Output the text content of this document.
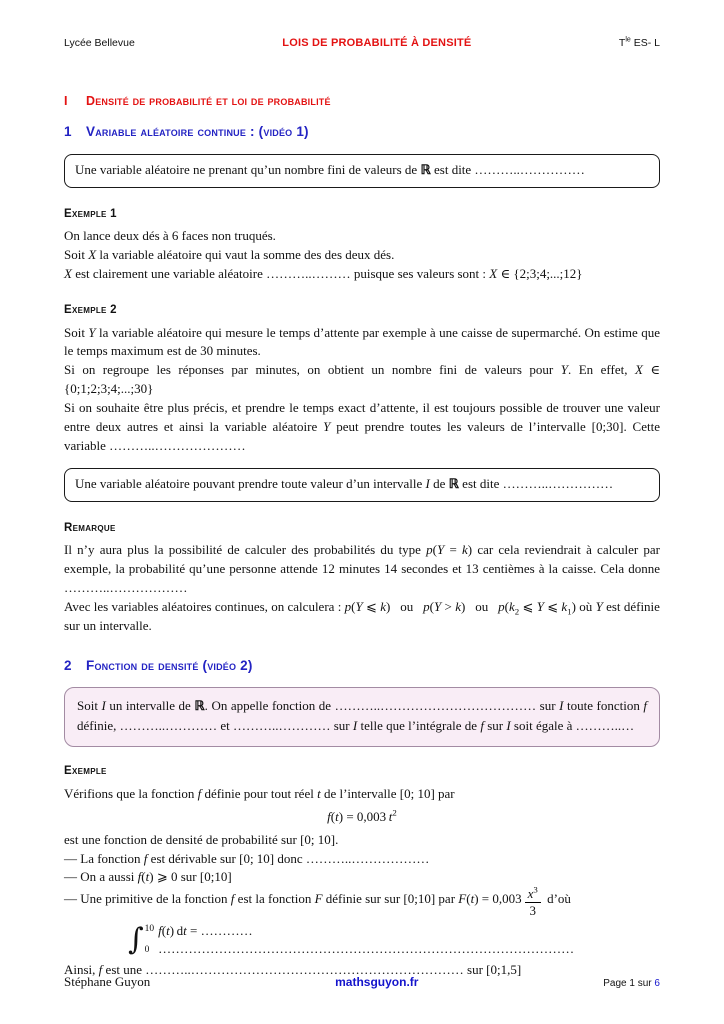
Lycée Bellevue	LOIS DE PROBABILITÉ À DENSITÉ	$T^{le}$ ES- L
I Densité de probabilité et loi de probabilité
1 Variable aléatoire continue : (vidéo 1)

Une variable aléatoire ne prenant qu’un nombre fini de valeurs de ℝ est dite ………..……………

Exemple 1

On lance deux dés à 6 faces non truqués.

Soit X la variable aléatoire qui vaut la somme des des deux dés.

X est clairement une variable aléatoire ………..……… puisque ses valeurs sont : X ∈ {2;3;4;...;12}

Exemple 2

Soit Y la variable aléatoire qui mesure le temps d’attente par exemple à une caisse de supermarché. On estime que le temps maximum est de 30 minutes.

Si on regroupe les réponses par minutes, on obtient un nombre fini de valeurs pour Y. En effet, X ∈ {0;1;2;3;4;...;30}

Si on souhaite être plus précis, et prendre le temps exact d’attente, il est toujours possible de trouver une valeur entre deux autres et ainsi la variable aléatoire Y peut prendre toutes les valeurs de l’intervalle [0;30]. Cette variable ………..…………………

Une variable aléatoire pouvant prendre toute valeur d’un intervalle I de ℝ est dite ………..……………

Remarque

Il n’y aura plus la possibilité de calculer des probabilités du type p(Y = k) car cela reviendrait à calculer par exemple, la probabilité qu’une personne attende 12 minutes 14 secondes et 13 centièmes à la caisse. Cela donne ………..………………

Avec les variables aléatoires continues, on calculera : p(Y ⩽ k)   ou   p(Y > k)   ou   $p(k_2$ ⩽ Y ⩽ $k_1$) où Y est définie sur un intervalle.

2 Fonction de densité (vidéo 2)

Soit I un intervalle de ℝ. On appelle fonction de ………..……………………………… sur I toute fonction f définie, ………..………… et ………..………… sur I telle que l’intégrale de f sur I soit égale à ………..…

Exemple

Vérifions que la fonction f définie pour tout réel t de l’intervalle [0; 10] par

f(t) = 0,003 $t^2$

est une fonction de densité de probabilité sur [0; 10].

— La fonction f est dérivable sur [0; 10] donc ………..………………

— On a aussi f(t) ⩾ 0 sur [0;10]

— Une primitive de la fonction f est la fonction F définie sur sur [0;10] par $F(t) = 0,003 \frac{x^3}{3}$ d’où

∫ 10
0
f(t) dt = ………… ……………………………………………………………………………………

Ainsi, f est une ………..……………………………………………………… sur [0;1,5]

Stéphane Guyon	mathsguyon.fr	Page 1 sur 6
